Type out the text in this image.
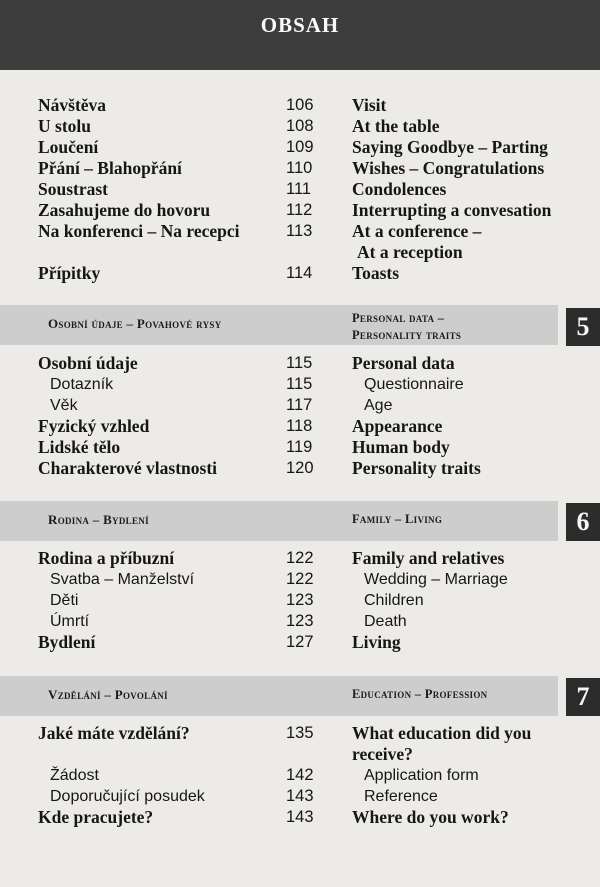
OBSAH
Návštěva	106	Visit
U stolu	108	At the table
Loučení	109	Saying Goodbye – Parting
Přání – Blahopřání	110	Wishes – Congratulations
Soustrast	111	Condolences
Zasahujeme do hovoru	112	Interrupting a convesation
Na konferenci – Na recepci	113	At a conference –
At a reception
Přípitky	114	Toasts
Osobní údaje – Povahové rysy	Personal data –
Personality traits	5
Osobní údaje	115	Personal data
Dotazník	115	Questionnaire
Věk	117	Age
Fyzický vzhled	118	Appearance
Lidské tělo	119	Human body
Charakterové vlastnosti	120	Personality traits
Rodina – Bydlení	Family – Living	6
Rodina a příbuzní	122	Family and relatives
Svatba – Manželství	122	Wedding – Marriage
Děti	123	Children
Úmrtí	123	Death
Bydlení	127	Living
Vzdělání – Povolání	Education – Profession	7
Jaké máte vzdělání?	135	What education did you
receive?
Žádost	142	Application form
Doporučující posudek	143	Reference
Kde pracujete?	143	Where do you work?
